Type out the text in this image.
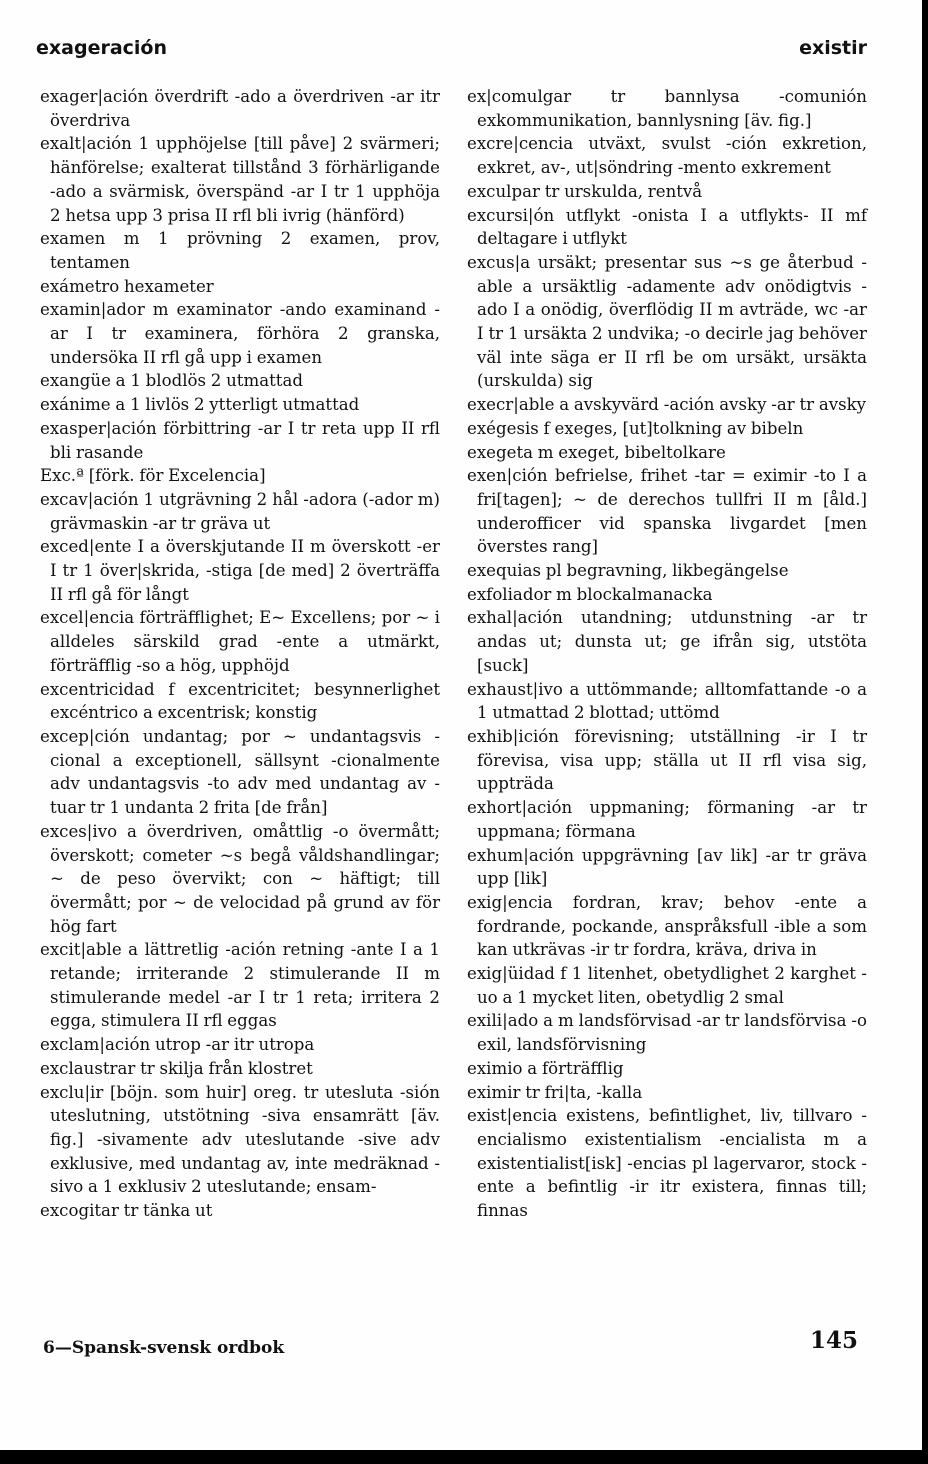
exageración	existir
exager|ación överdrift -ado a överdriven -ar itr överdriva
exalt|ación 1 upphöjelse [till påve] 2 svärmeri; hänförelse; exalterat tillstånd 3 förhärligande -ado a svärmisk, överspänd -ar I tr 1 upphöja 2 hetsa upp 3 prisa II rfl bli ivrig (hänförd)
examen m 1 prövning 2 examen, prov, tentamen
exámetro hexameter
examin|ador m examinator -ando examinand -ar I tr examinera, förhöra 2 granska, undersöka II rfl gå upp i examen
exangüe a 1 blodlös 2 utmattad
exánime a 1 livlös 2 ytterligt utmattad
exasper|ación förbittring -ar I tr reta upp II rfl bli rasande
Exc.ª [förk. för Excelencia]
excav|ación 1 utgrävning 2 hål -adora (-ador m) grävmaskin -ar tr gräva ut
exced|ente I a överskjutande II m överskott -er I tr 1 över|skrida, -stiga [de med] 2 överträffa II rfl gå för långt
excel|encia förträfflighet; E~ Excellens; por ~ i alldeles särskild grad -ente a utmärkt, förträfflig -so a hög, upphöjd
excentricidad f excentricitet; besynnerlighet excéntrico a excentrisk; konstig
excep|ción undantag; por ~ undantagsvis -cional a exceptionell, sällsynt -cionalmente adv undantagsvis -to adv med undantag av -tuar tr 1 undanta 2 frita [de från]
exces|ivo a överdriven, omåttlig -o övermått; överskott; cometer ~s begå våldshandlingar; ~ de peso övervikt; con ~ häftigt; till övermått; por ~ de velocidad på grund av för hög fart
excit|able a lättretlig -ación retning -ante I a 1 retande; irriterande 2 stimulerande II m stimulerande medel -ar I tr 1 reta; irritera 2 egga, stimulera II rfl eggas
exclam|ación utrop -ar itr utropa
exclaustrar tr skilja från klostret
exclu|ir [böjn. som huir] oreg. tr utesluta -sión uteslutning, utstötning -siva ensamrätt [äv. fig.] -sivamente adv uteslutande -sive adv exklusive, med undantag av, inte medräknad -sivo a 1 exklusiv 2 uteslutande; ensam-
excogitar tr tänka ut
ex|comulgar tr bannlysa -comunión exkommunikation, bannlysning [äv. fig.]
excre|cencia utväxt, svulst -ción exkretion, exkret, av-, ut|söndring -mento exkrement
exculpar tr urskulda, rentvå
excursi|ón utflykt -onista I a utflykts- II mf deltagare i utflykt
excus|a ursäkt; presentar sus ~s ge återbud -able a ursäktlig -adamente adv onödigtvis -ado I a onödig, överflödig II m avträde, wc -ar I tr 1 ursäkta 2 undvika; -o decirle jag behöver väl inte säga er II rfl be om ursäkt, ursäkta (urskulda) sig
execr|able a avskyvärd -ación avsky -ar tr avsky
exégesis f exeges, [ut]tolkning av bibeln
exegeta m exeget, bibeltolkare
exen|ción befrielse, frihet -tar = eximir -to I a fri[tagen]; ~ de derechos tullfri II m [åld.] underofficer vid spanska livgardet [men överstes rang]
exequias pl begravning, likbegängelse
exfoliador m blockalmanacka
exhal|ación utandning; utdunstning -ar tr andas ut; dunsta ut; ge ifrån sig, utstöta [suck]
exhaust|ivo a uttömmande; alltomfattande -o a 1 utmattad 2 blottad; uttömd
exhib|ición förevisning; utställning -ir I tr förevisa, visa upp; ställa ut II rfl visa sig, uppträda
exhort|ación uppmaning; förmaning -ar tr uppmana; förmana
exhum|ación uppgrävning [av lik] -ar tr gräva upp [lik]
exig|encia fordran, krav; behov -ente a fordrande, pockande, anspråksfull -ible a som kan utkrävas -ir tr fordra, kräva, driva in
exig|üidad f 1 litenhet, obetydlighet 2 karghet -uo a 1 mycket liten, obetydlig 2 smal
exili|ado a m landsförvisad -ar tr landsförvisa -o exil, landsförvisning
eximio a förträfflig
eximir tr fri|ta, -kalla
exist|encia existens, befintlighet, liv, tillvaro -encialismo existentialism -encialista m a existentialist[isk] -encias pl lagervaror, stock -ente a befintlig -ir itr existera, finnas till; finnas
6—Spansk-svensk ordbok	145
